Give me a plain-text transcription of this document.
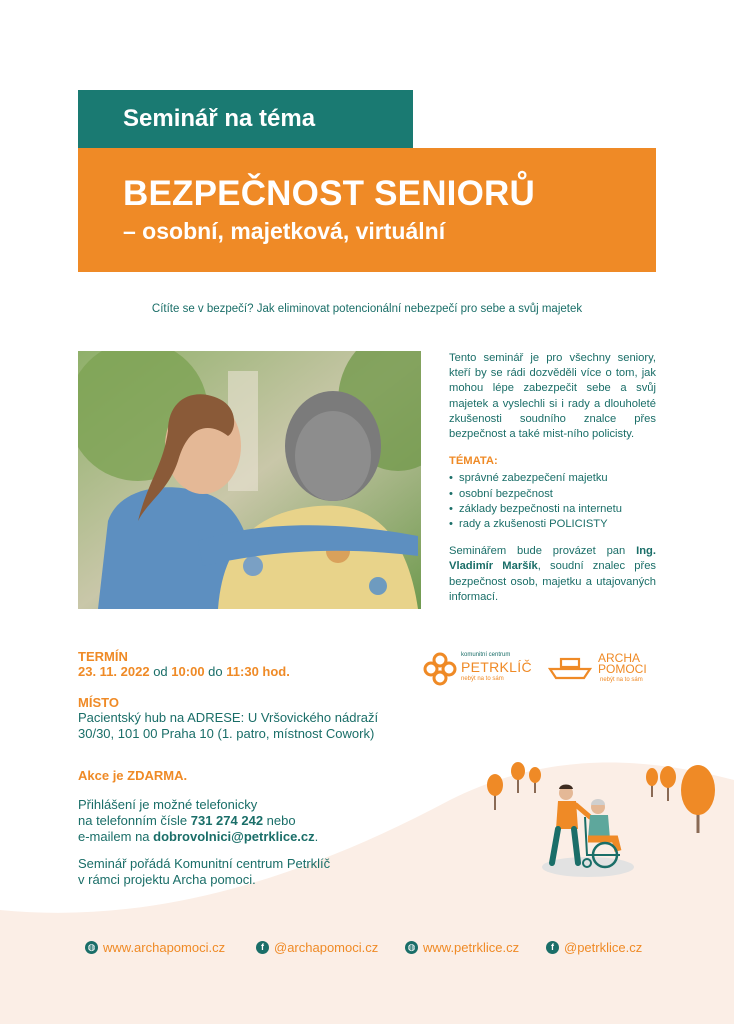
Seminář na téma
BEZPEČNOST SENIORŮ
– osobní, majetková, virtuální
Cítíte se v bezpečí? Jak eliminovat potencionální nebezpečí pro sebe a svůj majetek

Tento seminář je pro všechny seniory, kteří by se rádi dozvěděli více o tom, jak mohou lépe zabezpečit sebe a svůj majetek a vyslechli si i rady a dlouholeté zkušenosti soudního znalce přes bezpečnost a také mist-ního policisty.

TÉMATA:
• správné zabezpečení majetku
• osobní bezpečnost
• základy bezpečnosti na internetu
• rady a zkušenosti POLICISTY

Seminářem bude provázet pan Ing. Vladimír Maršík, soudní znalec přes bezpečnost osob, majetku a utajovaných informací.

TERMÍN
23. 11. 2022 od 10:00 do 11:30 hod.
MÍSTO
Pacientský hub na ADRESE: U Vršovického nádraží
30/30, 101 00 Praha 10 (1. patro, místnost Cowork)
Akce je ZDARMA.
Přihlášení je možné telefonicky
na telefonním čísle 731 274 242 nebo
e-mailem na dobrovolnici@petrklice.cz.
Seminář pořádá Komunitní centrum Petrklíč
v rámci projektu Archa pomoci.
komunitní centrum
PETRKLÍČ
nebýt na to sám
ARCHA
POMOCI
nebýt na to sám
◍ www.archapomoci.cz	f @archapomoci.cz	◍ www.petrklice.cz	f @petrklice.cz
